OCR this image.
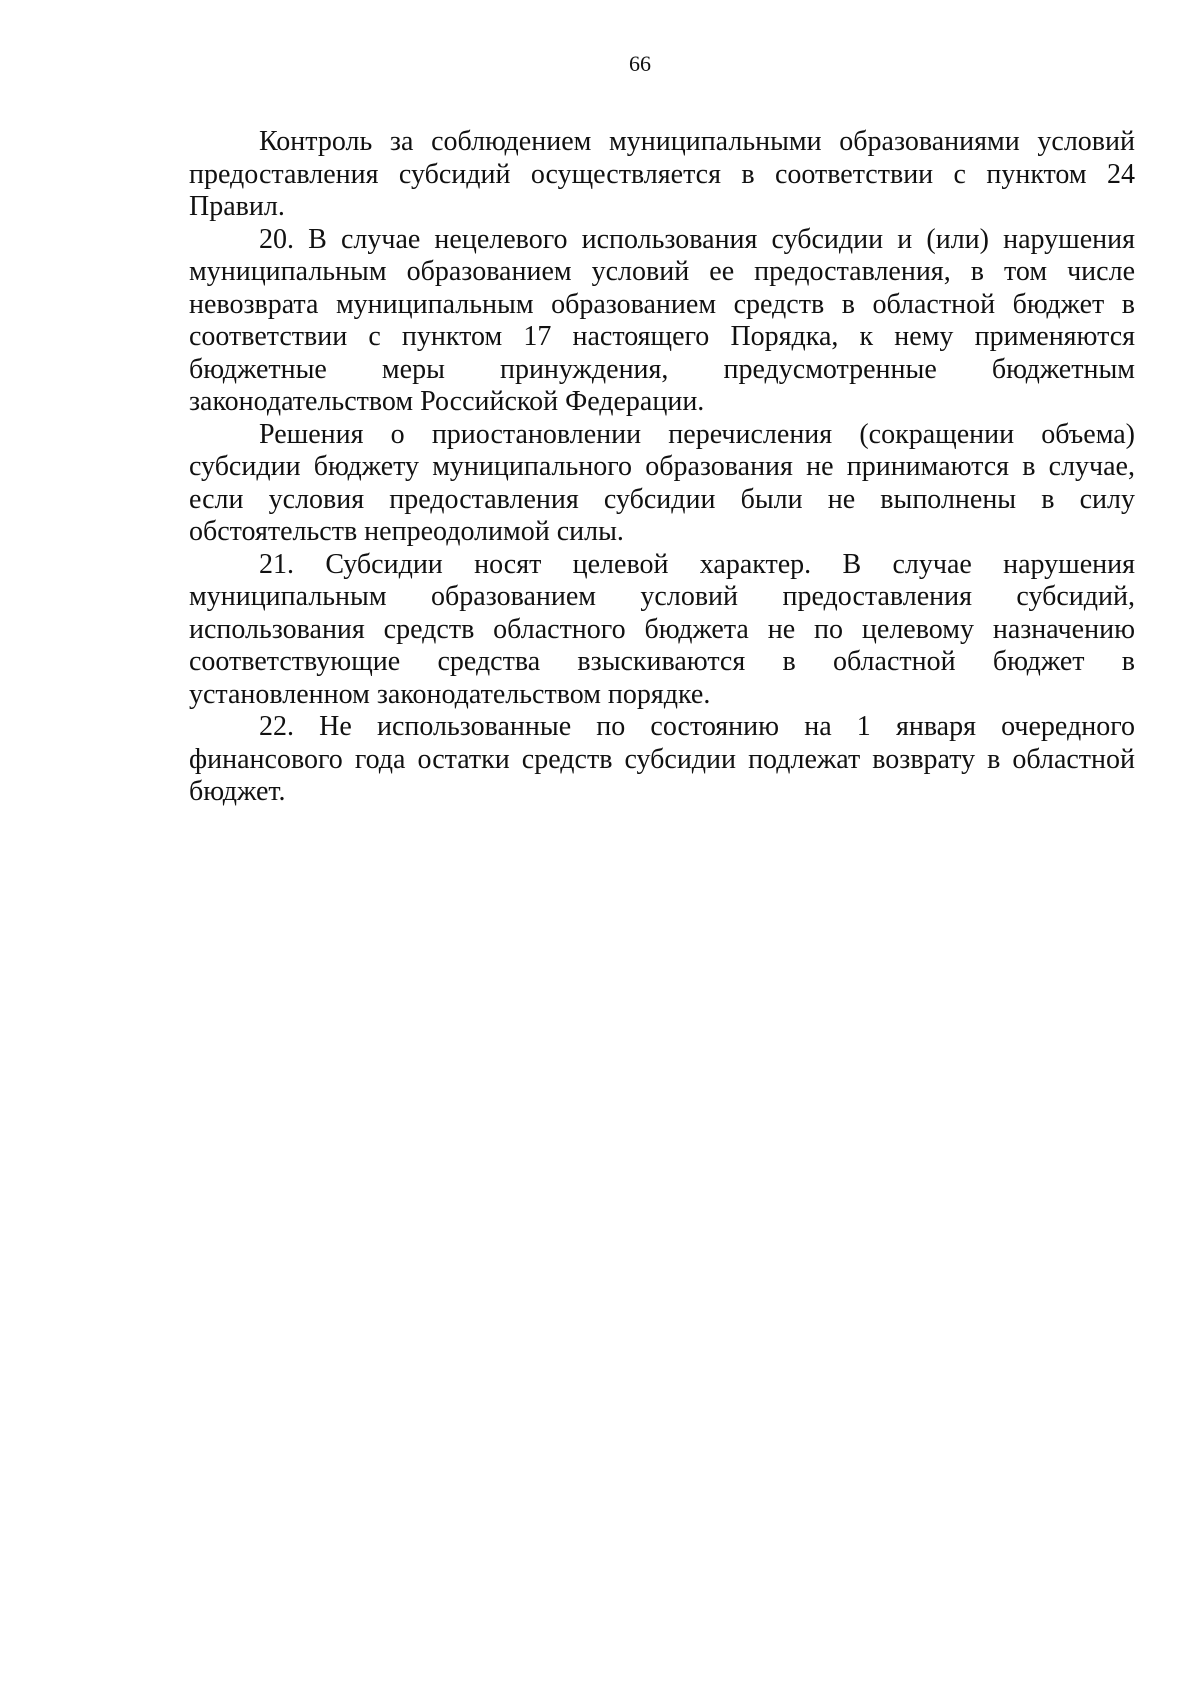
66

Контроль за соблюдением муниципальными образованиями условий предоставления субсидий осуществляется в соответствии с пунктом 24 Правил.

20. В случае нецелевого использования субсидии и (или) нарушения муниципальным образованием условий ее предоставления, в том числе невозврата муниципальным образованием средств в областной бюджет в соответствии с пунктом 17 настоящего Порядка, к нему применяются бюджетные меры принуждения, предусмотренные бюджетным законодательством Российской Федерации.

Решения о приостановлении перечисления (сокращении объема) субсидии бюджету муниципального образования не принимаются в случае, если условия предоставления субсидии были не выполнены в силу обстоятельств непреодолимой силы.

21. Субсидии носят целевой характер. В случае нарушения муниципальным образованием условий предоставления субсидий, использования средств областного бюджета не по целевому назначению соответствующие средства взыскиваются в областной бюджет в установленном законодательством порядке.

22. Не использованные по состоянию на 1 января очередного финансового года остатки средств субсидии подлежат возврату в областной бюджет.
